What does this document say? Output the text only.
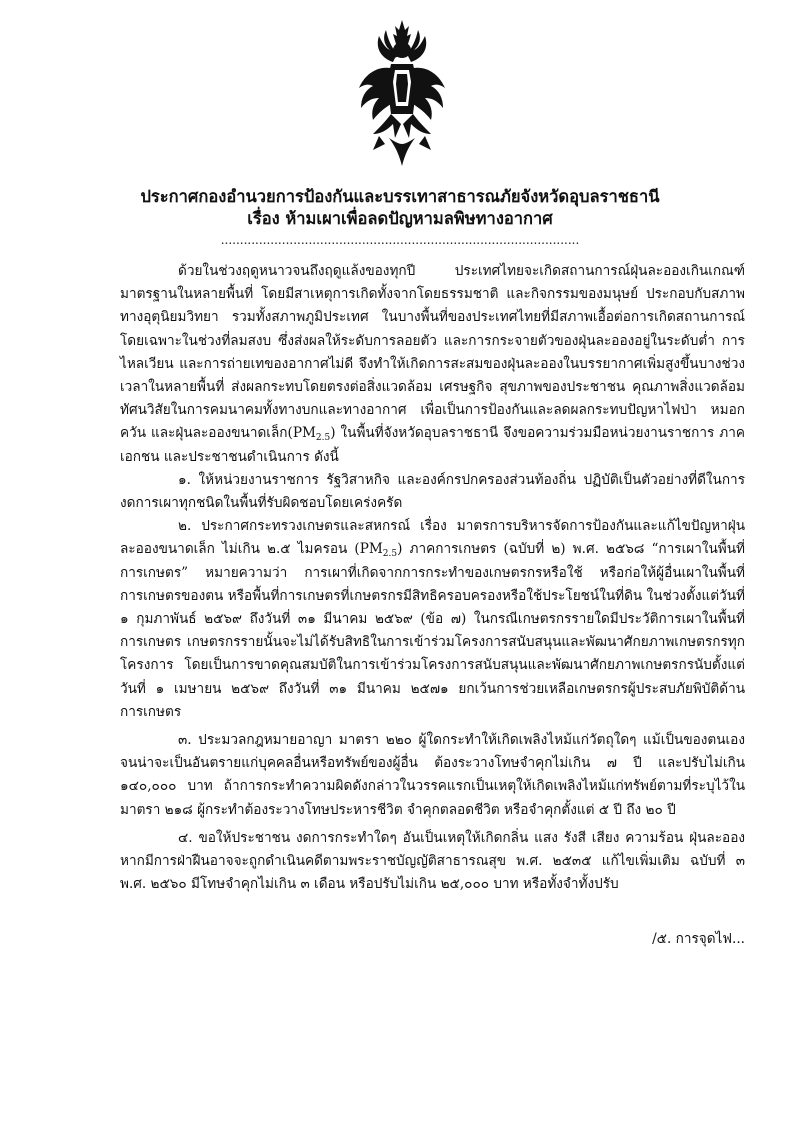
ประกาศกองอำนวยการป้องกันและบรรเทาสาธารณภัยจังหวัดอุบลราชธานี
เรื่อง ห้ามเผาเพื่อลดปัญหามลพิษทางอากาศ
..............................................................................................

ด้วยในช่วงฤดูหนาวจนถึงฤดูแล้งของทุกปี ประเทศไทยจะเกิดสถานการณ์ฝุ่นละอองเกินเกณฑ์มาตรฐานในหลายพื้นที่ โดยมีสาเหตุการเกิดทั้งจากโดยธรรมชาติ และกิจกรรมของมนุษย์ ประกอบกับสภาพทางอุตุนิยมวิทยา รวมทั้งสภาพภูมิประเทศ ในบางพื้นที่ของประเทศไทยที่มีสภาพเอื้อต่อการเกิดสถานการณ์ โดยเฉพาะในช่วงที่ลมสงบ ซึ่งส่งผลให้ระดับการลอยตัว และการกระจายตัวของฝุ่นละอองอยู่ในระดับต่ำ การไหลเวียน และการถ่ายเทของอากาศไม่ดี จึงทำให้เกิดการสะสมของฝุ่นละอองในบรรยากาศเพิ่มสูงขึ้นบางช่วงเวลาในหลายพื้นที่ ส่งผลกระทบโดยตรงต่อสิ่งแวดล้อม เศรษฐกิจ สุขภาพของประชาชน คุณภาพสิ่งแวดล้อม ทัศนวิสัยในการคมนาคมทั้งทางบกและทางอากาศ เพื่อเป็นการป้องกันและลดผลกระทบปัญหาไฟป่า หมอกควัน และฝุ่นละอองขนาดเล็ก$(PM_{2.5})$ ในพื้นที่จังหวัดอุบลราชธานี จึงขอความร่วมมือหน่วยงานราชการ ภาคเอกชน และประชาชนดำเนินการ ดังนี้

๑. ให้หน่วยงานราชการ รัฐวิสาหกิจ และองค์กรปกครองส่วนท้องถิ่น ปฏิบัติเป็นตัวอย่างที่ดีในการงดการเผาทุกชนิดในพื้นที่รับผิดชอบโดยเคร่งครัด

๒. ประกาศกระทรวงเกษตรและสหกรณ์ เรื่อง มาตรการบริหารจัดการป้องกันและแก้ไขปัญหาฝุ่นละอองขนาดเล็ก ไม่เกิน ๒.๕ ไมครอน $(PM_{2.5})$ ภาคการเกษตร (ฉบับที่ ๒) พ.ศ. ๒๕๖๘ “การเผาในพื้นที่การเกษตร” หมายความว่า การเผาที่เกิดจากการกระทำของเกษตรกรหรือใช้ หรือก่อให้ผู้อื่นเผาในพื้นที่การเกษตรของตน หรือพื้นที่การเกษตรที่เกษตรกรมีสิทธิครอบครองหรือใช้ประโยชน์ในที่ดิน ในช่วงตั้งแต่วันที่ ๑ กุมภาพันธ์ ๒๕๖๙ ถึงวันที่ ๓๑ มีนาคม ๒๕๖๙ (ข้อ ๗) ในกรณีเกษตรกรรายใดมีประวัติการเผาในพื้นที่การเกษตร เกษตรกรรายนั้นจะไม่ได้รับสิทธิในการเข้าร่วมโครงการสนับสนุนและพัฒนาศักยภาพเกษตรกรทุกโครงการ โดยเป็นการขาดคุณสมบัติในการเข้าร่วมโครงการสนับสนุนและพัฒนาศักยภาพเกษตรกรนับตั้งแต่วันที่ ๑ เมษายน ๒๕๖๙ ถึงวันที่ ๓๑ มีนาคม ๒๕๗๑ ยกเว้นการช่วยเหลือเกษตรกรผู้ประสบภัยพิบัติด้านการเกษตร

๓. ประมวลกฎหมายอาญา มาตรา ๒๒๐ ผู้ใดกระทำให้เกิดเพลิงไหม้แก่วัตถุใดๆ แม้เป็นของตนเอง จนน่าจะเป็นอันตรายแก่บุคคลอื่นหรือทรัพย์ของผู้อื่น ต้องระวางโทษจำคุกไม่เกิน ๗ ปี และปรับไม่เกิน ๑๔๐,๐๐๐ บาท ถ้าการกระทำความผิดดังกล่าวในวรรคแรกเป็นเหตุให้เกิดเพลิงไหม้แก่ทรัพย์ตามที่ระบุไว้ในมาตรา ๒๑๘ ผู้กระทำต้องระวางโทษประหารชีวิต จำคุกตลอดชีวิต หรือจำคุกตั้งแต่ ๕ ปี ถึง ๒๐ ปี

๔. ขอให้ประชาชน งดการกระทำใดๆ อันเป็นเหตุให้เกิดกลิ่น แสง รังสี เสียง ความร้อน ฝุ่นละออง หากมีการฝ่าฝืนอาจจะถูกดำเนินคดีตามพระราชบัญญัติสาธารณสุข พ.ศ. ๒๕๓๕ แก้ไขเพิ่มเติม ฉบับที่ ๓ พ.ศ. ๒๕๖๐ มีโทษจำคุกไม่เกิน ๓ เดือน หรือปรับไม่เกิน ๒๕,๐๐๐ บาท หรือทั้งจำทั้งปรับ

/๕. การจุดไฟ...
